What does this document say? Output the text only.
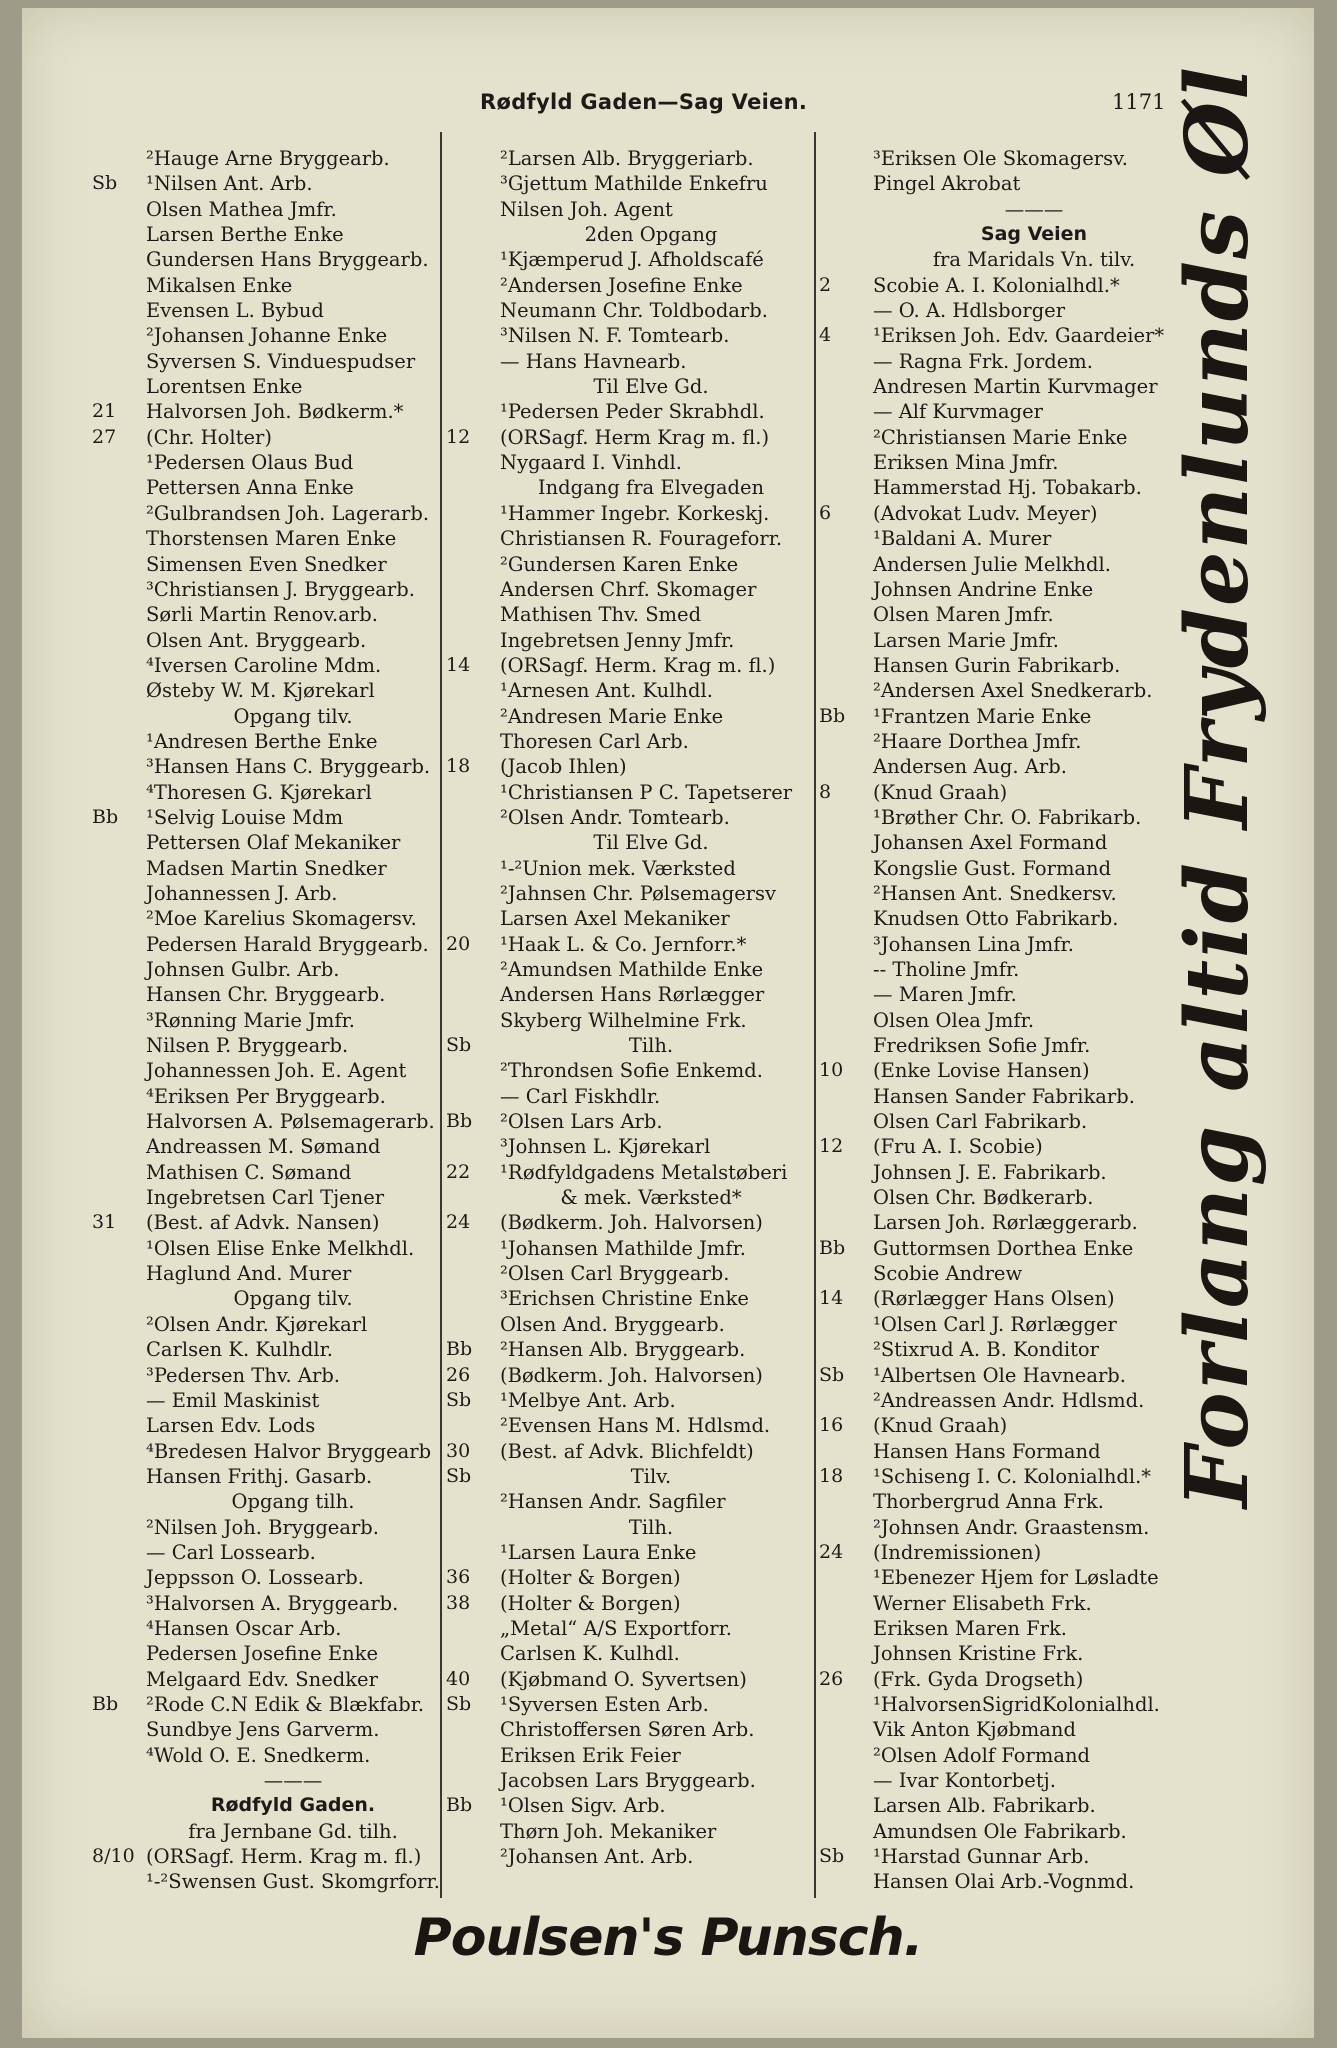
Rødfyld Gaden—Sag Veien.	1171
²Hauge Arne Bryggearb.
Sb	¹Nilsen Ant. Arb.
Olsen Mathea Jmfr.
Larsen Berthe Enke
Gundersen Hans Bryggearb.
Mikalsen Enke
Evensen L. Bybud
²Johansen Johanne Enke
Syversen S. Vinduespudser
Lorentsen Enke
21	Halvorsen Joh. Bødkerm.*
27	(Chr. Holter)
¹Pedersen Olaus Bud
Pettersen Anna Enke
²Gulbrandsen Joh. Lagerarb.
Thorstensen Maren Enke
Simensen Even Snedker
³Christiansen J. Bryggearb.
Sørli Martin Renov.arb.
Olsen Ant. Bryggearb.
⁴Iversen Caroline Mdm.
Østeby W. M. Kjørekarl
Opgang tilv.
¹Andresen Berthe Enke
³Hansen Hans C. Bryggearb.
⁴Thoresen G. Kjørekarl
Bb	¹Selvig Louise Mdm
Pettersen Olaf Mekaniker
Madsen Martin Snedker
Johannessen J. Arb.
²Moe Karelius Skomagersv.
Pedersen Harald Bryggearb.
Johnsen Gulbr. Arb.
Hansen Chr. Bryggearb.
³Rønning Marie Jmfr.
Nilsen P. Bryggearb.
Johannessen Joh. E. Agent
⁴Eriksen Per Bryggearb.
Halvorsen A. Pølsemagerarb.
Andreassen M. Sømand
Mathisen C. Sømand
Ingebretsen Carl Tjener
31	(Best. af Advk. Nansen)
¹Olsen Elise Enke Melkhdl.
Haglund And. Murer
Opgang tilv.
²Olsen Andr. Kjørekarl
Carlsen K. Kulhdlr.
³Pedersen Thv. Arb.
— Emil Maskinist
Larsen Edv. Lods
⁴Bredesen Halvor Bryggearb
Hansen Frithj. Gasarb.
Opgang tilh.
²Nilsen Joh. Bryggearb.
— Carl Lossearb.
Jeppsson O. Lossearb.
³Halvorsen A. Bryggearb.
⁴Hansen Oscar Arb.
Pedersen Josefine Enke
Melgaard Edv. Snedker
Bb	²Rode C.N Edik & Blækfabr.
Sundbye Jens Garverm.
⁴Wold O. E. Snedkerm.
———
Rødfyld Gaden.
fra Jernbane Gd. tilh.
8/10 (ORSagf. Herm. Krag m. fl.)
¹-²Swensen Gust. Skomgrforr.
²Larsen Alb. Bryggeriarb.
³Gjettum Mathilde Enkefru
Nilsen Joh. Agent
2den Opgang
¹Kjæmperud J. Afholdscafé
²Andersen Josefine Enke
Neumann Chr. Toldbodarb.
³Nilsen N. F. Tomtearb.
— Hans Havnearb.
Til Elve Gd.
¹Pedersen Peder Skrabhdl.
12	(ORSagf. Herm Krag m. fl.)
Nygaard I. Vinhdl.
Indgang fra Elvegaden
¹Hammer Ingebr. Korkeskj.
Christiansen R. Fourageforr.
²Gundersen Karen Enke
Andersen Chrf. Skomager
Mathisen Thv. Smed
Ingebretsen Jenny Jmfr.
14	(ORSagf. Herm. Krag m. fl.)
¹Arnesen Ant. Kulhdl.
²Andresen Marie Enke
Thoresen Carl Arb.
18	(Jacob Ihlen)
¹Christiansen P C. Tapetserer
²Olsen Andr. Tomtearb.
Til Elve Gd.
¹-²Union mek. Værksted
²Jahnsen Chr. Pølsemagersv
Larsen Axel Mekaniker
20	¹Haak L. & Co. Jernforr.*
²Amundsen Mathilde Enke
Andersen Hans Rørlægger
Skyberg Wilhelmine Frk.
Sb	Tilh.
²Throndsen Sofie Enkemd.
— Carl Fiskhdlr.
Bb	²Olsen Lars Arb.
³Johnsen L. Kjørekarl
22	¹Rødfyldgadens Metalstøberi
& mek. Værksted*
24	(Bødkerm. Joh. Halvorsen)
¹Johansen Mathilde Jmfr.
²Olsen Carl Bryggearb.
³Erichsen Christine Enke
Olsen And. Bryggearb.
Bb	²Hansen Alb. Bryggearb.
26	(Bødkerm. Joh. Halvorsen)
Sb	¹Melbye Ant. Arb.
²Evensen Hans M. Hdlsmd.
30	(Best. af Advk. Blichfeldt)
Sb	Tilv.
²Hansen Andr. Sagfiler
Tilh.
¹Larsen Laura Enke
36	(Holter & Borgen)
38	(Holter & Borgen)
„Metal“ A/S Exportforr.
Carlsen K. Kulhdl.
40	(Kjøbmand O. Syvertsen)
Sb	¹Syversen Esten Arb.
Christoffersen Søren Arb.
Eriksen Erik Feier
Jacobsen Lars Bryggearb.
Bb	¹Olsen Sigv. Arb.
Thørn Joh. Mekaniker
²Johansen Ant. Arb.
³Eriksen Ole Skomagersv.
Pingel Akrobat
———
Sag Veien
fra Maridals Vn. tilv.
2	Scobie A. I. Kolonialhdl.*
— O. A. Hdlsborger
4	¹Eriksen Joh. Edv. Gaardeier*
— Ragna Frk. Jordem.
Andresen Martin Kurvmager
— Alf Kurvmager
²Christiansen Marie Enke
Eriksen Mina Jmfr.
Hammerstad Hj. Tobakarb.
6	(Advokat Ludv. Meyer)
¹Baldani A. Murer
Andersen Julie Melkhdl.
Johnsen Andrine Enke
Olsen Maren Jmfr.
Larsen Marie Jmfr.
Hansen Gurin Fabrikarb.
²Andersen Axel Snedkerarb.
Bb	¹Frantzen Marie Enke
²Haare Dorthea Jmfr.
Andersen Aug. Arb.
8	(Knud Graah)
¹Brøther Chr. O. Fabrikarb.
Johansen Axel Formand
Kongslie Gust. Formand
²Hansen Ant. Snedkersv.
Knudsen Otto Fabrikarb.
³Johansen Lina Jmfr.
-- Tholine Jmfr.
— Maren Jmfr.
Olsen Olea Jmfr.
Fredriksen Sofie Jmfr.
10	(Enke Lovise Hansen)
Hansen Sander Fabrikarb.
Olsen Carl Fabrikarb.
12	(Fru A. I. Scobie)
Johnsen J. E. Fabrikarb.
Olsen Chr. Bødkerarb.
Larsen Joh. Rørlæggerarb.
Bb	Guttormsen Dorthea Enke
Scobie Andrew
14	(Rørlægger Hans Olsen)
¹Olsen Carl J. Rørlægger
²Stixrud A. B. Konditor
Sb	¹Albertsen Ole Havnearb.
²Andreassen Andr. Hdlsmd.
16	(Knud Graah)
Hansen Hans Formand
18	¹Schiseng I. C. Kolonialhdl.*
Thorbergrud Anna Frk.
²Johnsen Andr. Graastensm.
24	(Indremissionen)
¹Ebenezer Hjem for Løsladte
Werner Elisabeth Frk.
Eriksen Maren Frk.
Johnsen Kristine Frk.
26	(Frk. Gyda Drogseth)
¹HalvorsenSigridKolonialhdl.
Vik Anton Kjøbmand
²Olsen Adolf Formand
— Ivar Kontorbetj.
Larsen Alb. Fabrikarb.
Amundsen Ole Fabrikarb.
Sb	¹Harstad Gunnar Arb.
Hansen Olai Arb.-Vognmd.
Forlang altid Frydenlunds Øl
Poulsen's Punsch.
